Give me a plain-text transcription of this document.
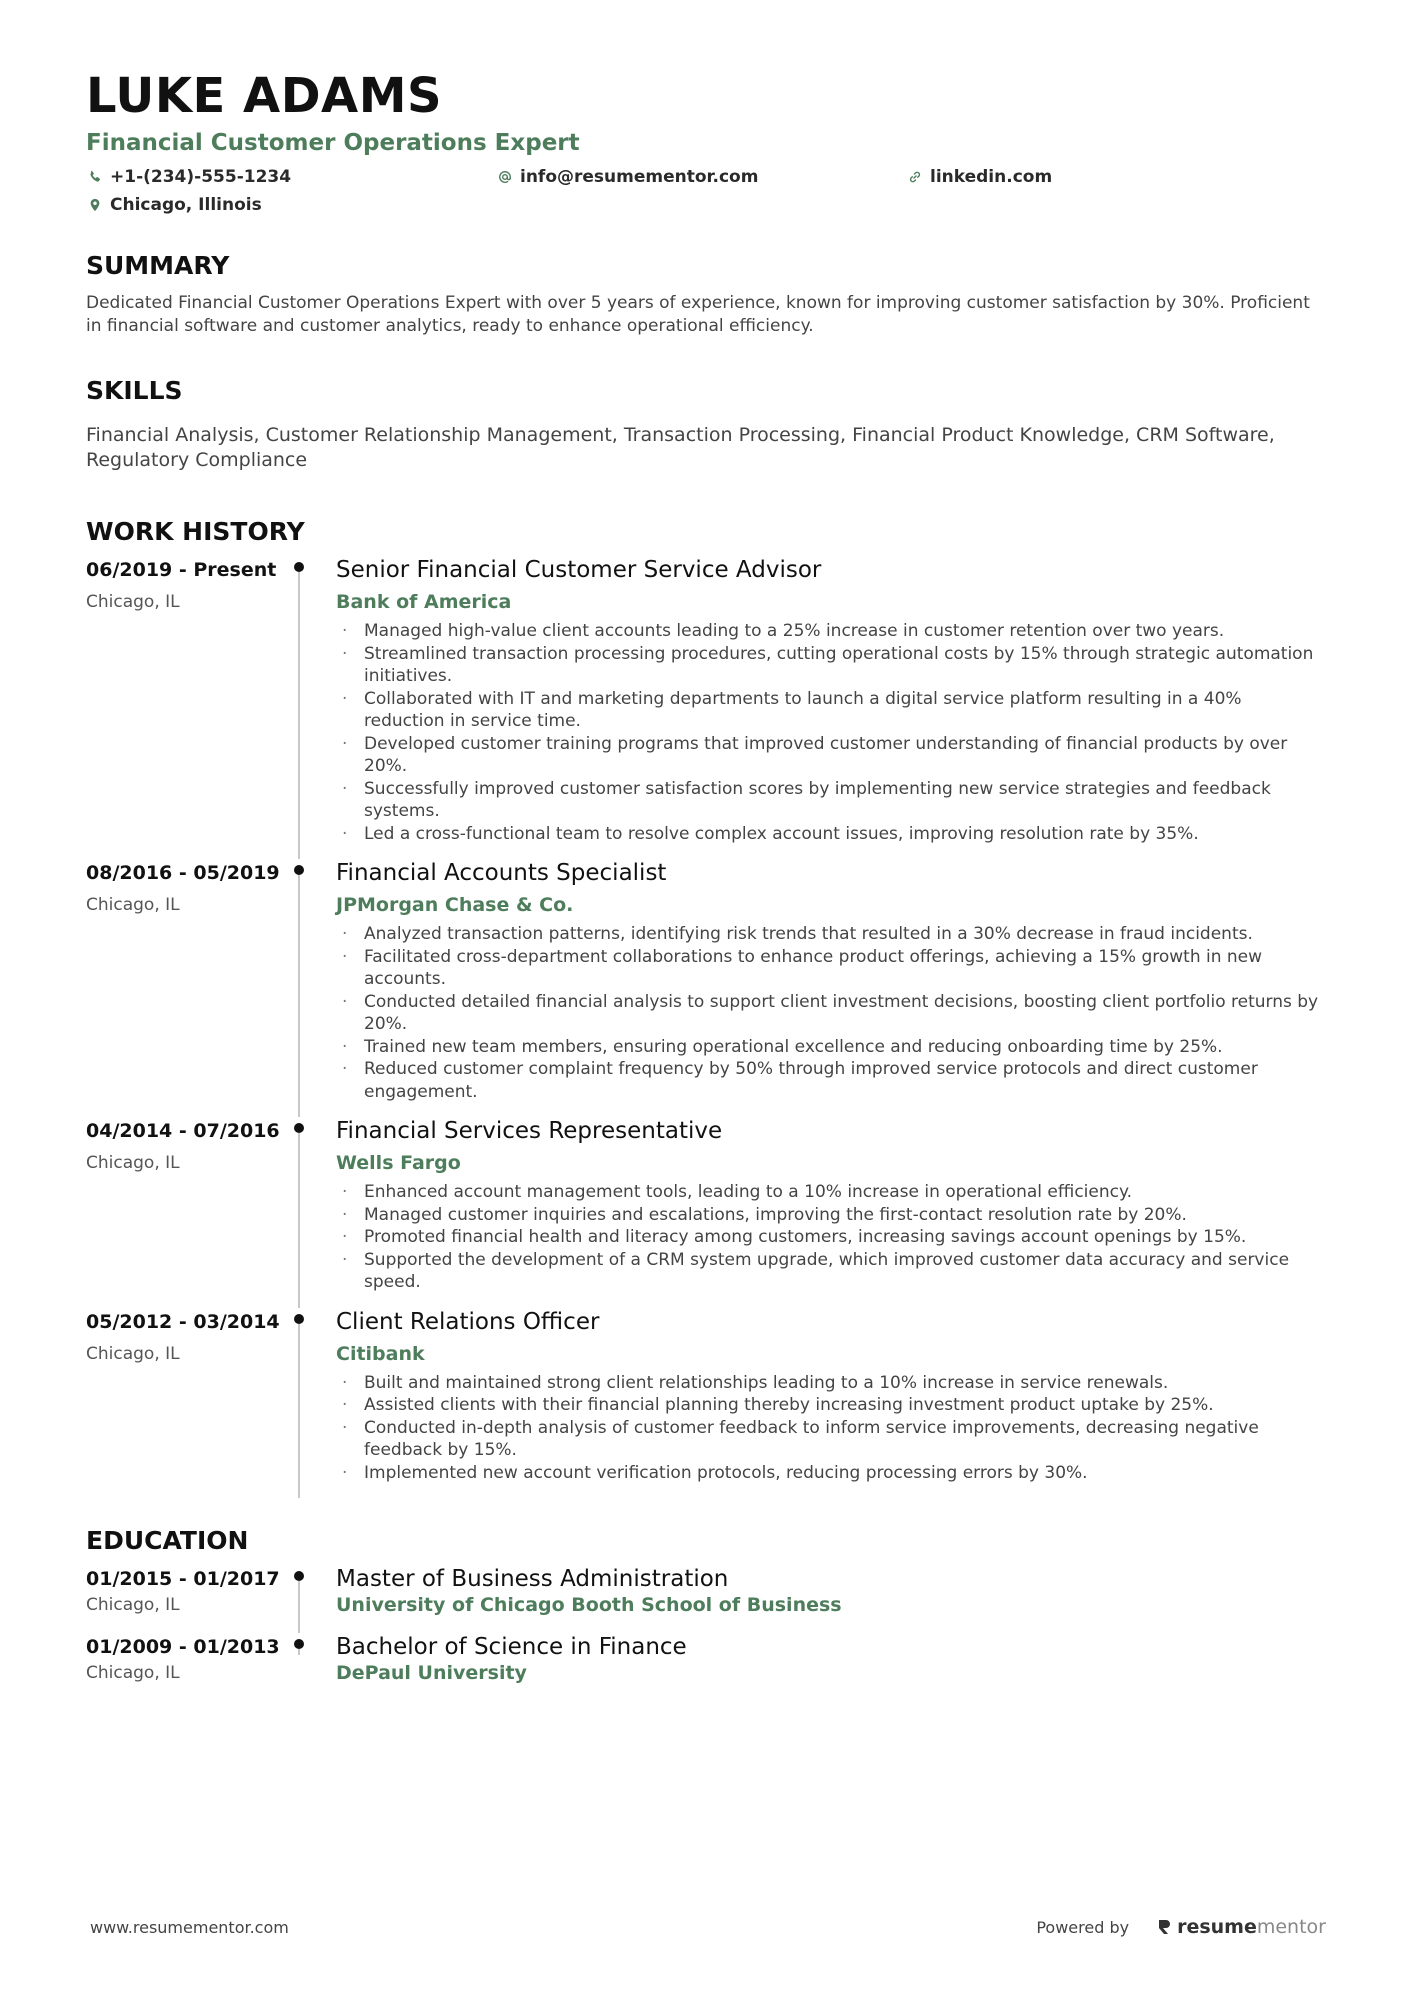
LUKE ADAMS
Financial Customer Operations Expert
+1-(234)-555-1234	info@resumementor.com	linkedin.com
Chicago, Illinois
SUMMARY
Dedicated Financial Customer Operations Expert with over 5 years of experience, known for improving customer satisfaction by 30%. Proficient in financial software and customer analytics, ready to enhance operational efficiency.
SKILLS
Financial Analysis, Customer Relationship Management, Transaction Processing, Financial Product Knowledge, CRM Software, Regulatory Compliance
WORK HISTORY
06/2019 - Present
Chicago, IL
Senior Financial Customer Service Advisor
Bank of America
· Managed high-value client accounts leading to a 25% increase in customer retention over two years.
· Streamlined transaction processing procedures, cutting operational costs by 15% through strategic automation initiatives.
· Collaborated with IT and marketing departments to launch a digital service platform resulting in a 40% reduction in service time.
· Developed customer training programs that improved customer understanding of financial products by over 20%.
· Successfully improved customer satisfaction scores by implementing new service strategies and feedback systems.
· Led a cross-functional team to resolve complex account issues, improving resolution rate by 35%.
08/2016 - 05/2019
Chicago, IL
Financial Accounts Specialist
JPMorgan Chase & Co.
· Analyzed transaction patterns, identifying risk trends that resulted in a 30% decrease in fraud incidents.
· Facilitated cross-department collaborations to enhance product offerings, achieving a 15% growth in new accounts.
· Conducted detailed financial analysis to support client investment decisions, boosting client portfolio returns by 20%.
· Trained new team members, ensuring operational excellence and reducing onboarding time by 25%.
· Reduced customer complaint frequency by 50% through improved service protocols and direct customer engagement.
04/2014 - 07/2016
Chicago, IL
Financial Services Representative
Wells Fargo
· Enhanced account management tools, leading to a 10% increase in operational efficiency.
· Managed customer inquiries and escalations, improving the first-contact resolution rate by 20%.
· Promoted financial health and literacy among customers, increasing savings account openings by 15%.
· Supported the development of a CRM system upgrade, which improved customer data accuracy and service speed.
05/2012 - 03/2014
Chicago, IL
Client Relations Officer
Citibank
· Built and maintained strong client relationships leading to a 10% increase in service renewals.
· Assisted clients with their financial planning thereby increasing investment product uptake by 25%.
· Conducted in-depth analysis of customer feedback to inform service improvements, decreasing negative feedback by 15%.
· Implemented new account verification protocols, reducing processing errors by 30%.
EDUCATION
01/2015 - 01/2017
Chicago, IL
Master of Business Administration
University of Chicago Booth School of Business
01/2009 - 01/2013
Chicago, IL
Bachelor of Science in Finance
DePaul University
www.resumementor.com	Powered by	resume mentor
